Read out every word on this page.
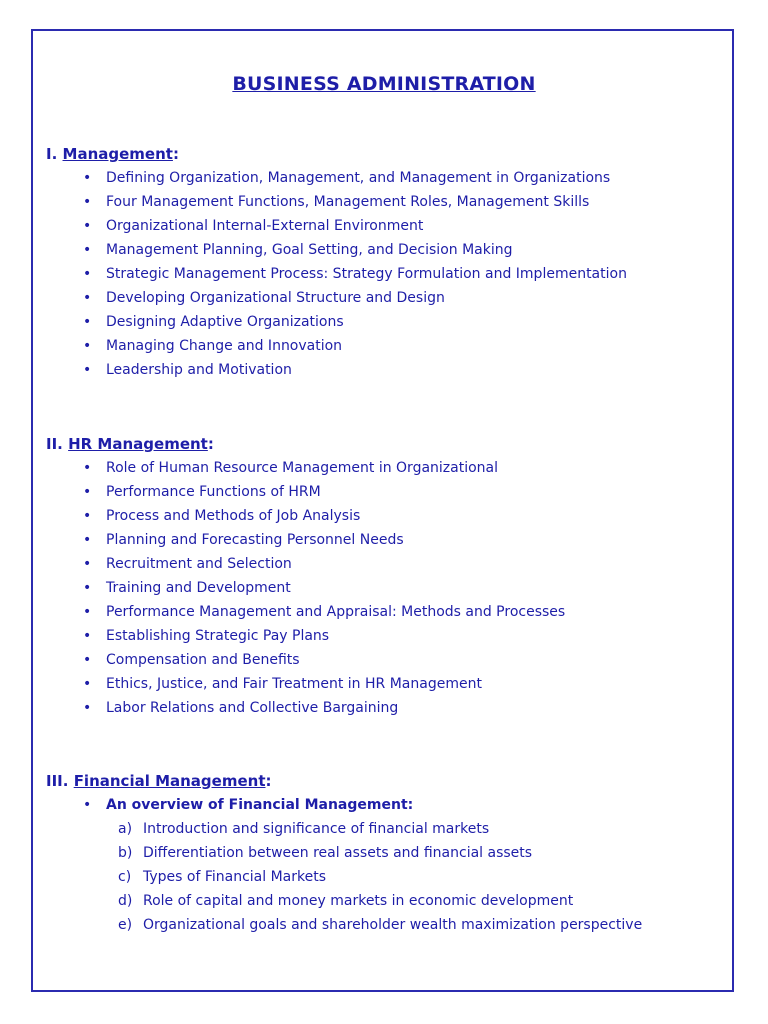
BUSINESS ADMINISTRATION
I. Management:
• Defining Organization, Management, and Management in Organizations
• Four Management Functions, Management Roles, Management Skills
• Organizational Internal-External Environment
• Management Planning, Goal Setting, and Decision Making
• Strategic Management Process: Strategy Formulation and Implementation
• Developing Organizational Structure and Design
• Designing Adaptive Organizations
• Managing Change and Innovation
• Leadership and Motivation
II. HR Management:
• Role of Human Resource Management in Organizational
• Performance Functions of HRM
• Process and Methods of Job Analysis
• Planning and Forecasting Personnel Needs
• Recruitment and Selection
• Training and Development
• Performance Management and Appraisal: Methods and Processes
• Establishing Strategic Pay Plans
• Compensation and Benefits
• Ethics, Justice, and Fair Treatment in HR Management
• Labor Relations and Collective Bargaining
III. Financial Management:
• An overview of Financial Management:
a) Introduction and significance of financial markets
b) Differentiation between real assets and financial assets
c) Types of Financial Markets
d) Role of capital and money markets in economic development
e) Organizational goals and shareholder wealth maximization perspective
